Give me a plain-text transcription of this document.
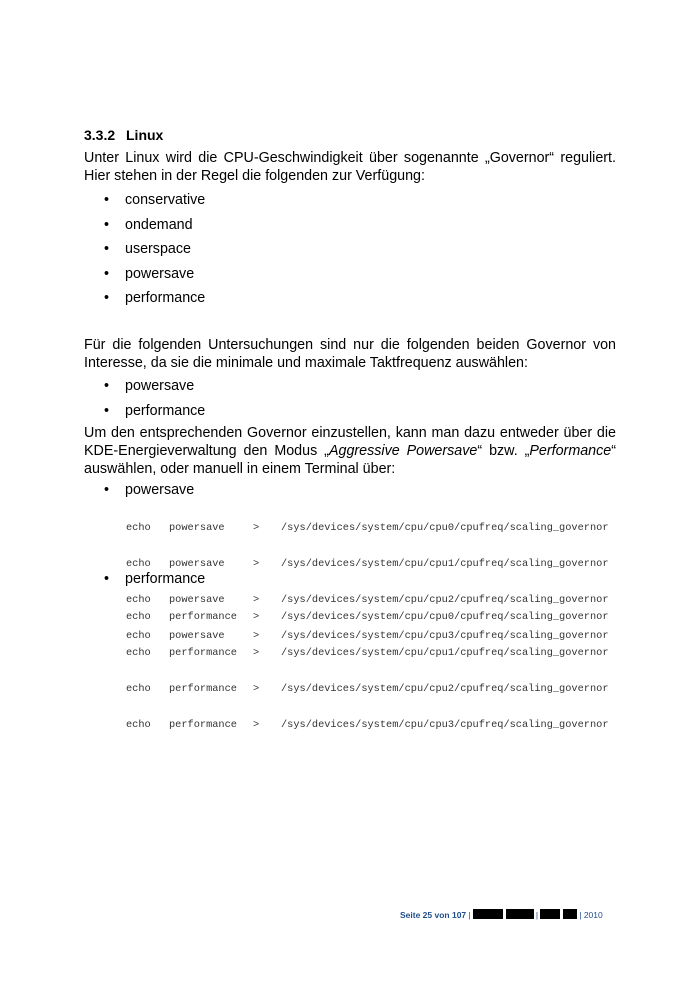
3.3.2 Linux
Unter Linux wird die CPU-Geschwindigkeit über sogenannte „Governor“ reguliert.
Hier stehen in der Regel die folgenden zur Verfügung:
• conservative
• ondemand
• userspace
• powersave
• performance
Für die folgenden Untersuchungen sind nur die folgenden beiden Governor von
Interesse, da sie die minimale und maximale Taktfrequenz auswählen:
• powersave
• performance
Um den entsprechenden Governor einzustellen, kann man dazu entweder über die
KDE-Energieverwaltung den Modus „Aggressive Powersave“ bzw. „Performance“
auswählen, oder manuell in einem Terminal über:
• powersave

echo powersave	> /sys/devices/system/cpu/cpu0/cpufreq/scaling_governor

echo powersave	> /sys/devices/system/cpu/cpu1/cpufreq/scaling_governor

echo powersave	> /sys/devices/system/cpu/cpu2/cpufreq/scaling_governor

echo powersave	> /sys/devices/system/cpu/cpu3/cpufreq/scaling_governor

• performance

echo performance > /sys/devices/system/cpu/cpu0/cpufreq/scaling_governor

echo performance > /sys/devices/system/cpu/cpu1/cpufreq/scaling_governor

echo performance > /sys/devices/system/cpu/cpu2/cpufreq/scaling_governor

echo performance > /sys/devices/system/cpu/cpu3/cpufreq/scaling_governor

Seite 25 von 107 |	|	| 2010
